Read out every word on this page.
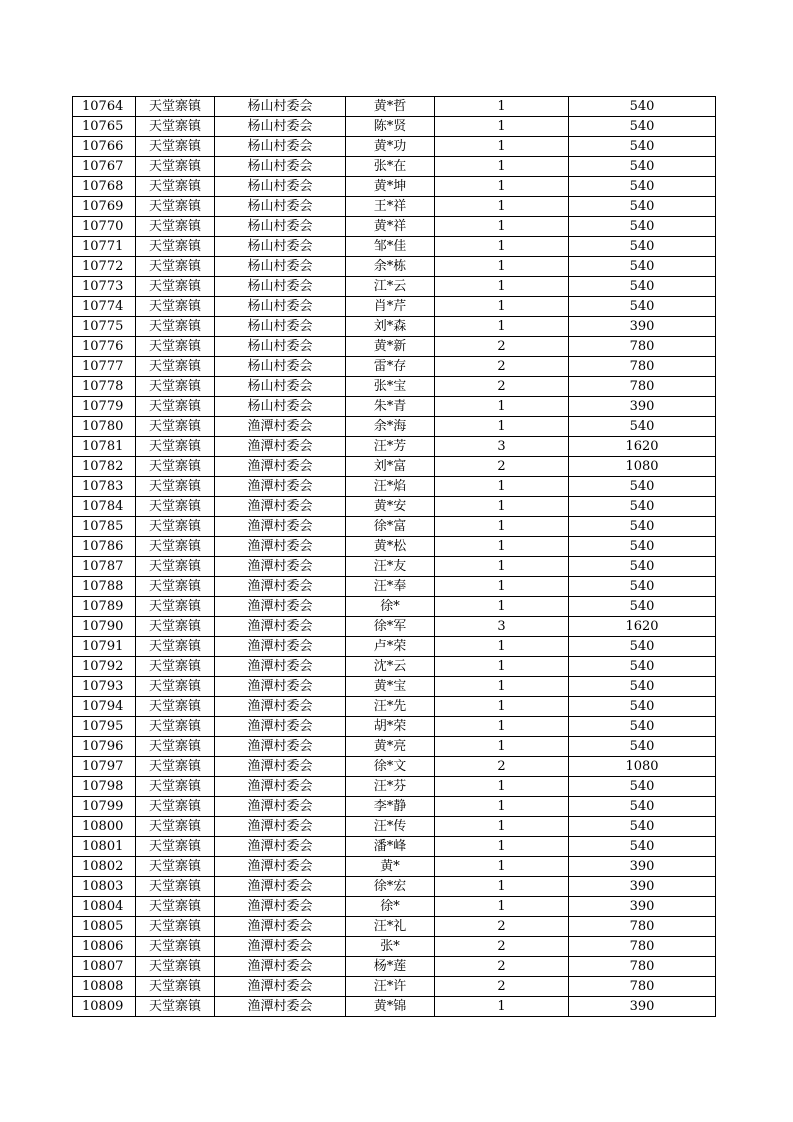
10764	天堂寨镇	杨山村委会	黄*哲	1	540
10765	天堂寨镇	杨山村委会	陈*贤	1	540
10766	天堂寨镇	杨山村委会	黄*功	1	540
10767	天堂寨镇	杨山村委会	张*在	1	540
10768	天堂寨镇	杨山村委会	黄*坤	1	540
10769	天堂寨镇	杨山村委会	王*祥	1	540
10770	天堂寨镇	杨山村委会	黄*祥	1	540
10771	天堂寨镇	杨山村委会	邹*佳	1	540
10772	天堂寨镇	杨山村委会	余*栋	1	540
10773	天堂寨镇	杨山村委会	江*云	1	540
10774	天堂寨镇	杨山村委会	肖*芹	1	540
10775	天堂寨镇	杨山村委会	刘*森	1	390
10776	天堂寨镇	杨山村委会	黄*新	2	780
10777	天堂寨镇	杨山村委会	雷*存	2	780
10778	天堂寨镇	杨山村委会	张*宝	2	780
10779	天堂寨镇	杨山村委会	朱*青	1	390
10780	天堂寨镇	渔潭村委会	余*海	1	540
10781	天堂寨镇	渔潭村委会	汪*芳	3	1620
10782	天堂寨镇	渔潭村委会	刘*富	2	1080
10783	天堂寨镇	渔潭村委会	汪*焰	1	540
10784	天堂寨镇	渔潭村委会	黄*安	1	540
10785	天堂寨镇	渔潭村委会	徐*富	1	540
10786	天堂寨镇	渔潭村委会	黄*松	1	540
10787	天堂寨镇	渔潭村委会	汪*友	1	540
10788	天堂寨镇	渔潭村委会	汪*奉	1	540
10789	天堂寨镇	渔潭村委会	徐*	1	540
10790	天堂寨镇	渔潭村委会	徐*军	3	1620
10791	天堂寨镇	渔潭村委会	卢*荣	1	540
10792	天堂寨镇	渔潭村委会	沈*云	1	540
10793	天堂寨镇	渔潭村委会	黄*宝	1	540
10794	天堂寨镇	渔潭村委会	汪*先	1	540
10795	天堂寨镇	渔潭村委会	胡*荣	1	540
10796	天堂寨镇	渔潭村委会	黄*亮	1	540
10797	天堂寨镇	渔潭村委会	徐*文	2	1080
10798	天堂寨镇	渔潭村委会	汪*芬	1	540
10799	天堂寨镇	渔潭村委会	李*静	1	540
10800	天堂寨镇	渔潭村委会	汪*传	1	540
10801	天堂寨镇	渔潭村委会	潘*峰	1	540
10802	天堂寨镇	渔潭村委会	黄*	1	390
10803	天堂寨镇	渔潭村委会	徐*宏	1	390
10804	天堂寨镇	渔潭村委会	徐*	1	390
10805	天堂寨镇	渔潭村委会	汪*礼	2	780
10806	天堂寨镇	渔潭村委会	张*	2	780
10807	天堂寨镇	渔潭村委会	杨*莲	2	780
10808	天堂寨镇	渔潭村委会	汪*许	2	780
10809	天堂寨镇	渔潭村委会	黄*锦	1	390
